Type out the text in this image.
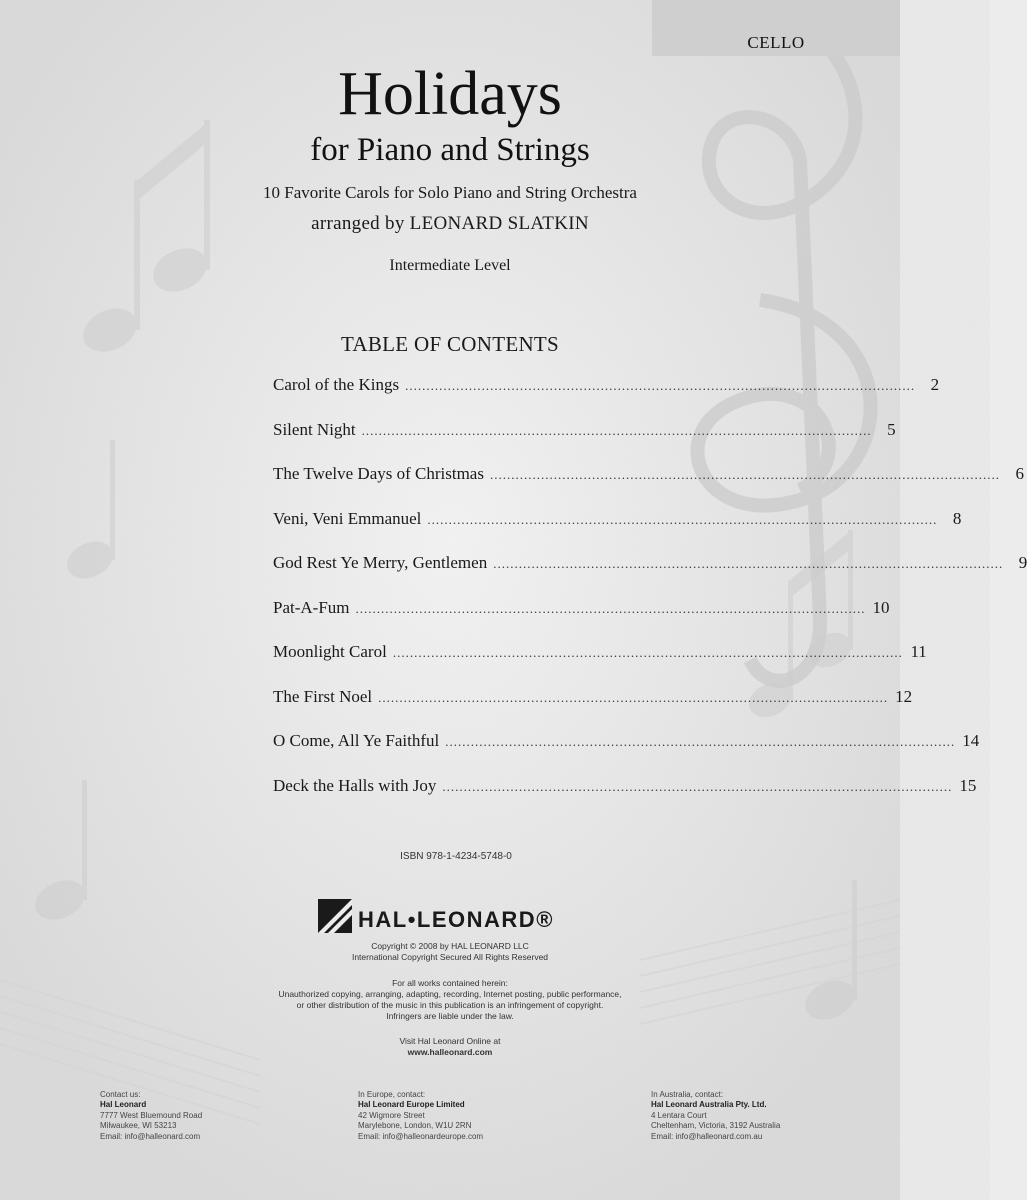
CELLO
Holidays
for Piano and Strings
10 Favorite Carols for Solo Piano and String Orchestra
arranged by LEONARD SLATKIN
Intermediate Level
TABLE OF CONTENTS
Carol of the Kings ........................................................................................................................ 2
Silent Night ........................................................................................................................ 5
The Twelve Days of Christmas ........................................................................................................................ 6
Veni, Veni Emmanuel ........................................................................................................................ 8
God Rest Ye Merry, Gentlemen ........................................................................................................................ 9
Pat-A-Fum ........................................................................................................................ 10
Moonlight Carol ........................................................................................................................ 11
The First Noel ........................................................................................................................ 12
O Come, All Ye Faithful ........................................................................................................................ 14
Deck the Halls with Joy ........................................................................................................................ 15
ISBN 978-1-4234-5748-0
HAL•LEONARD®
Copyright © 2008 by HAL LEONARD LLC
International Copyright Secured All Rights Reserved
For all works contained herein:
Unauthorized copying, arranging, adapting, recording, Internet posting, public performance,
or other distribution of the music in this publication is an infringement of copyright.
Infringers are liable under the law.
Visit Hal Leonard Online at
www.halleonard.com
Contact us:
Hal Leonard
7777 West Bluemound Road
Milwaukee, WI 53213
Email: info@halleonard.com
In Europe, contact:
Hal Leonard Europe Limited
42 Wigmore Street
Marylebone, London, W1U 2RN
Email: info@halleonardeurope.com
In Australia, contact:
Hal Leonard Australia Pty. Ltd.
4 Lentara Court
Cheltenham, Victoria, 3192 Australia
Email: info@halleonard.com.au
